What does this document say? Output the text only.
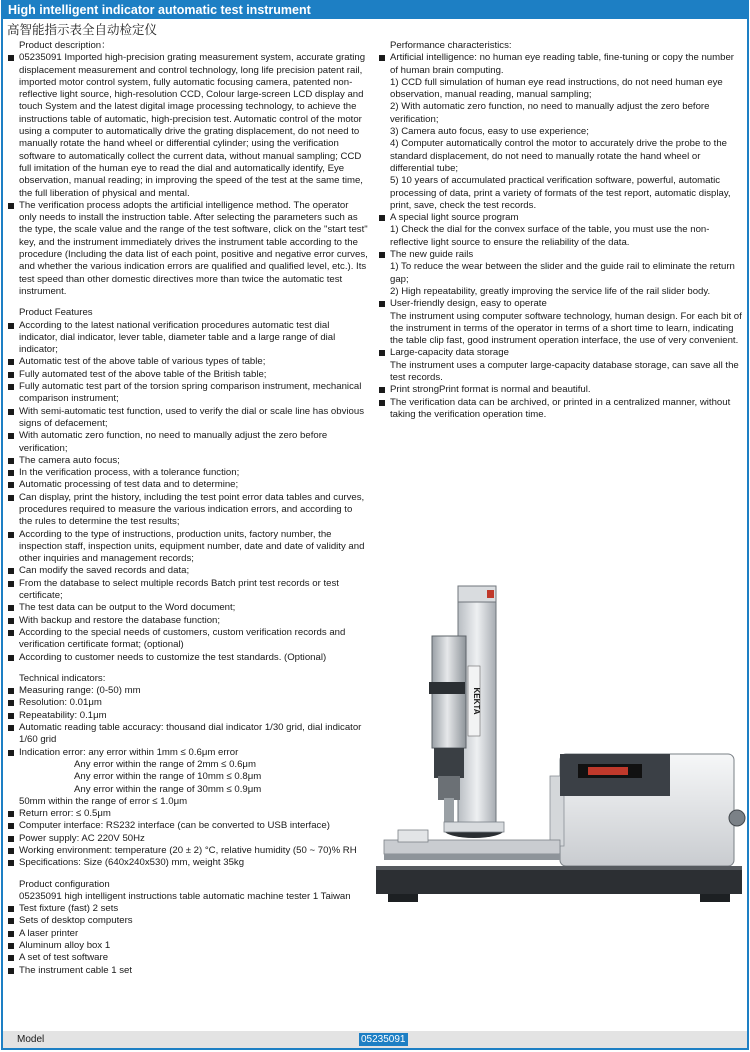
High intelligent indicator automatic test instrument
高智能指示表全自动检定仪
Product description：
05235091 Imported high-precision grating measurement system, accurate grating displacement measurement and control technology, long life precision patent rail, imported motor control system, fully automatic focusing camera, patented non-reflective light source, high-resolution CCD, Colour large-screen LCD display and touch System and the latest digital image processing technology, to achieve the instructions table of automatic, high-precision test. Automatic control of the motor using a computer to automatically drive the grating displacement, do not need to manually rotate the hand wheel or differential cylinder; using the verification software to automatically collect the current data, without manual sampling; CCD full imitation of the human eye to read the dial and automatically identify, Eye observation, manual reading; in improving the speed of the test at the same time, the full liberation of physical and mental.
The verification process adopts the artificial intelligence method. The operator only needs to install the instruction table. After selecting the parameters such as the type, the scale value and the range of the test software, click on the "start test" key, and the instrument immediately drives the instrument table according to the procedure (Including the data list of each point, positive and negative error curves, and whether the various indication errors are qualified and qualified level, etc.). Its test speed than other domestic directives more than twice the automatic test instrument.
Product Features
According to the latest national verification procedures automatic test dial indicator, dial indicator, lever table, diameter table and a large range of dial indicator;
Automatic test of the above table of various types of table;
Fully automated test of the above table of the British table;
Fully automatic test part of the torsion spring comparison instrument, mechanical comparison instrument;
With semi-automatic test function, used to verify the dial or scale line has obvious signs of defacement;
With automatic zero function, no need to manually adjust the zero before verification;
The camera auto focus;
In the verification process, with a tolerance function;
Automatic processing of test data and to determine;
Can display, print the history, including the test point error data tables and curves, procedures required to measure the various indication errors, and according to the rules to determine the test results;
According to the type of instructions, production units, factory number, the inspection staff, inspection units, equipment number, date and date of validity and other inquiries and management records;
Can modify the saved records and data;
From the database to select multiple records Batch print test records or test certificate;
The test data can be output to the Word document;
With backup and restore the database function;
According to the special needs of customers, custom verification records and verification certificate format; (optional)
According to customer needs to customize the test standards. (Optional)
Technical indicators:
Measuring range: (0-50) mm
Resolution: 0.01μm
Repeatability: 0.1μm
Automatic reading table accuracy: thousand dial indicator 1/30 grid, dial indicator 1/60 grid
Indication error: any error within 1mm ≤ 0.6μm error
Any error within the range of 2mm ≤ 0.6μm
Any error within the range of 10mm ≤ 0.8μm
Any error within the range of 30mm ≤ 0.9μm
50mm within the range of error ≤ 1.0μm
Return error: ≤ 0.5μm
Computer interface: RS232 interface (can be converted to USB interface)
Power supply: AC 220V 50Hz
Working environment: temperature (20 ± 2) °C, relative humidity (50 ~ 70)% RH
Specifications: Size (640x240x530) mm, weight 35kg
Product configuration
05235091 high intelligent instructions table automatic machine tester 1 Taiwan
Test fixture (fast) 2 sets
Sets of desktop computers
A laser printer
Aluminum alloy box 1
A set of test software
The instrument cable 1 set
Performance characteristics:
Artificial intelligence: no human eye reading table, fine-tuning or copy the number of human brain computing.
1) CCD full simulation of human eye read instructions, do not need human eye observation, manual reading, manual sampling;
2) With automatic zero function, no need to manually adjust the zero before verification;
3) Camera auto focus, easy to use experience;
4) Computer automatically control the motor to accurately drive the probe to the standard displacement, do not need to manually rotate the hand wheel or differential tube;
5) 10 years of accumulated practical verification software, powerful, automatic processing of data, print a variety of formats of the test report, automatic display, print, save, check the test records.
A special light source program
1) Check the dial for the convex surface of the table, you must use the non-reflective light source to ensure the reliability of the data.
The new guide rails
1) To reduce the wear between the slider and the guide rail to eliminate the return gap;
2) High repeatability, greatly improving the service life of the rail slider body.
User-friendly design, easy to operate
The instrument using computer software technology, human design. For each bit of the instrument in terms of the operator in terms of a short time to learn, indicating the table clip fast, good instrument operation interface, the use of very convenient.
Large-capacity data storage
The instrument uses a computer large-capacity database storage, can save all the test records.
Print strongPrint format is normal and beautiful.
The verification data can be archived, or printed in a centralized manner, without taking the verification operation time.
KEKTA
Model	05235091
